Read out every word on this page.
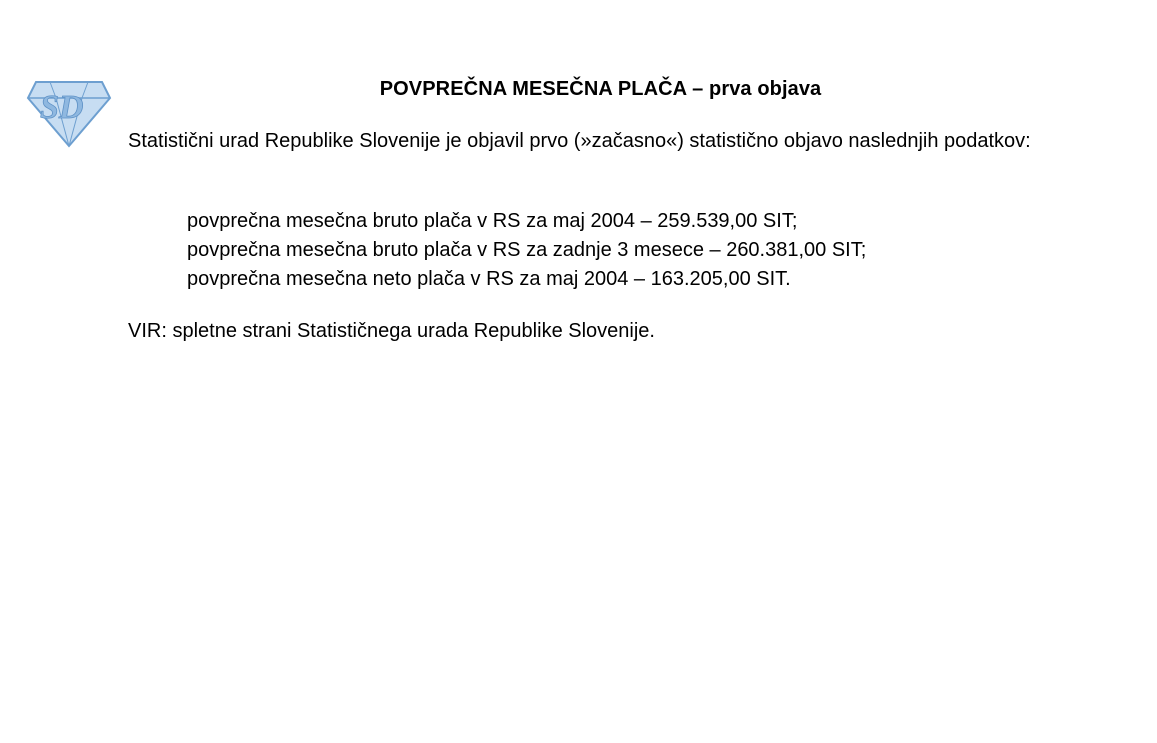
SD	POVPREČNA MESEČNA PLAČA – prva objava
Statistični urad Republike Slovenije je objavil prvo (»začasno«) statistično objavo naslednjih podatkov:
povprečna mesečna bruto plača v RS za maj 2004 – 259.539,00 SIT;
povprečna mesečna bruto plača v RS za zadnje 3 mesece – 260.381,00 SIT;
povprečna mesečna neto plača v RS za maj 2004 – 163.205,00 SIT.
VIR: spletne strani Statističnega urada Republike Slovenije.
